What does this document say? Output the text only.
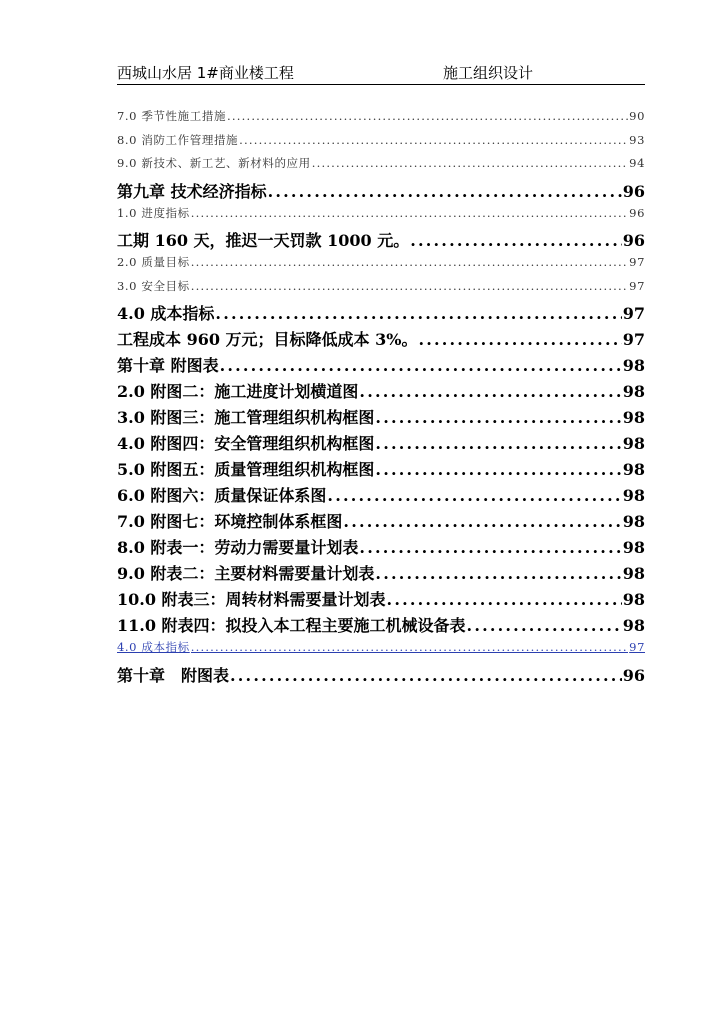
西城山水居 1#商业楼工程	施工组织设计
7.0 季节性施工措施 .....	90
8.0 消防工作管理措施 .....	93
9.0 新技术、新工艺、新材料的应用 .....	94
第九章 技术经济指标 .....	96
1.0 进度指标 .....	96
工期 160 天，推迟一天罚款 1000 元。 .....	96
2.0 质量目标 .....	97
3.0 安全目标 .....	97
4.0 成本指标 .....	97
工程成本 960 万元；目标降低成本 3%。 .....	97
第十章 附图表 .....	98
2.0 附图二：施工进度计划横道图 .....	98
3.0 附图三：施工管理组织机构框图 .....	98
4.0 附图四：安全管理组织机构框图 .....	98
5.0 附图五：质量管理组织机构框图 .....	98
6.0 附图六：质量保证体系图 .....	98
7.0 附图七：环境控制体系框图 .....	98
8.0 附表一：劳动力需要量计划表 .....	98
9.0 附表二：主要材料需要量计划表 .....	98
10.0 附表三：周转材料需要量计划表 .....	98
11.0 附表四：拟投入本工程主要施工机械设备表 .....	98
4.0 成本指标 .....	97
第十章　附图表 .....	96
